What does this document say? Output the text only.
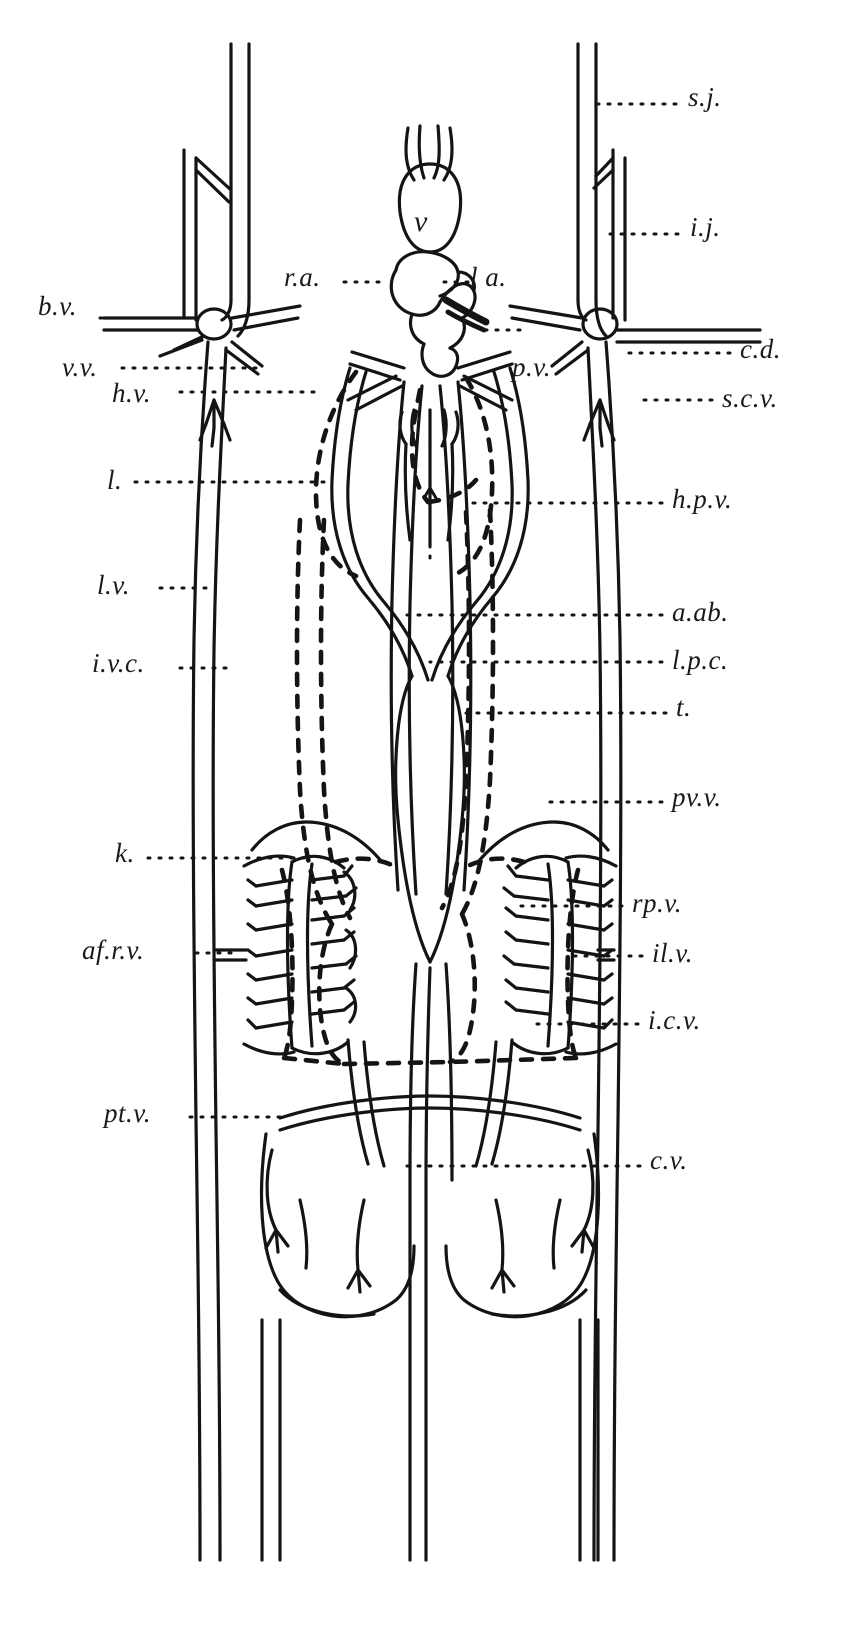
v
b.v.
v.v.
h.v.
l.
l.v.
i.v.c.
k.
af.r.v.
pt.v.
s.j.
i.j.
c.d.
s.c.v.
h.p.v.
a.ab.
l.p.c.
t.
pv.v.
rp.v.
il.v.
i.c.v.
c.v.
r.a.	l a.
p.v.
